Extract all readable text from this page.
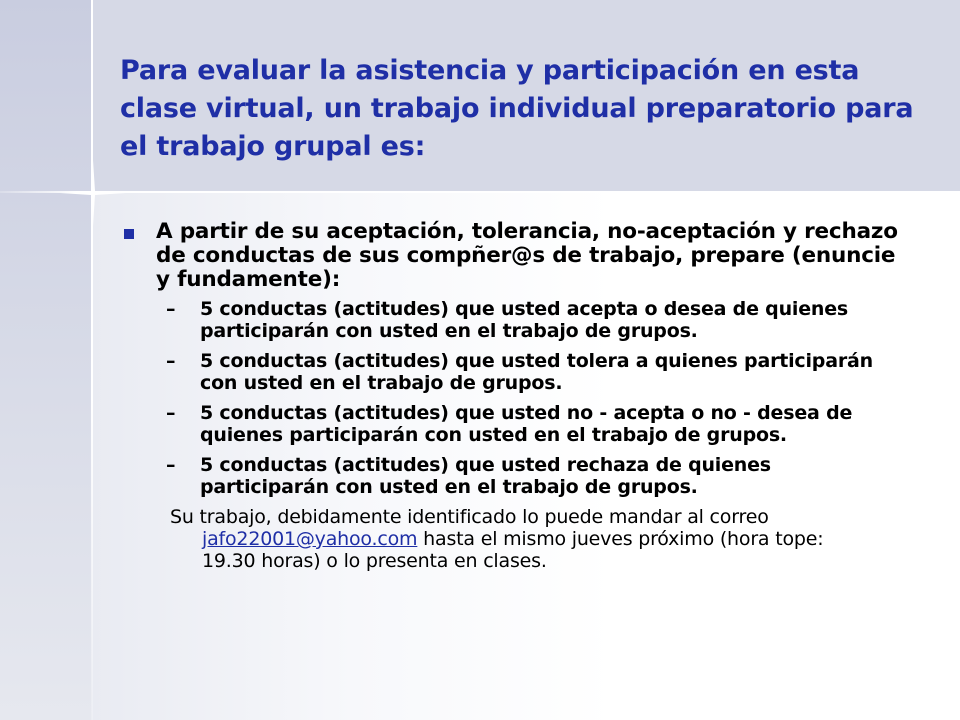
Para evaluar la asistencia y participación en esta clase virtual, un trabajo individual preparatorio para el trabajo grupal es:
A partir de su aceptación, tolerancia, no-aceptación y rechazo de conductas de sus compñer@s de trabajo, prepare (enuncie y fundamente):
– 5 conductas (actitudes) que usted acepta o desea de quienes participarán con usted en el trabajo de grupos.
– 5 conductas (actitudes) que usted tolera a quienes participarán con usted en el trabajo de grupos.
– 5 conductas (actitudes) que usted no - acepta o no - desea de quienes participarán con usted en el trabajo de grupos.
– 5 conductas (actitudes) que usted rechaza de quienes participarán con usted en el trabajo de grupos.
Su trabajo, debidamente identificado lo puede mandar al correo jafo22001@yahoo.com hasta el mismo jueves próximo (hora tope: 19.30 horas) o lo presenta en clases.
